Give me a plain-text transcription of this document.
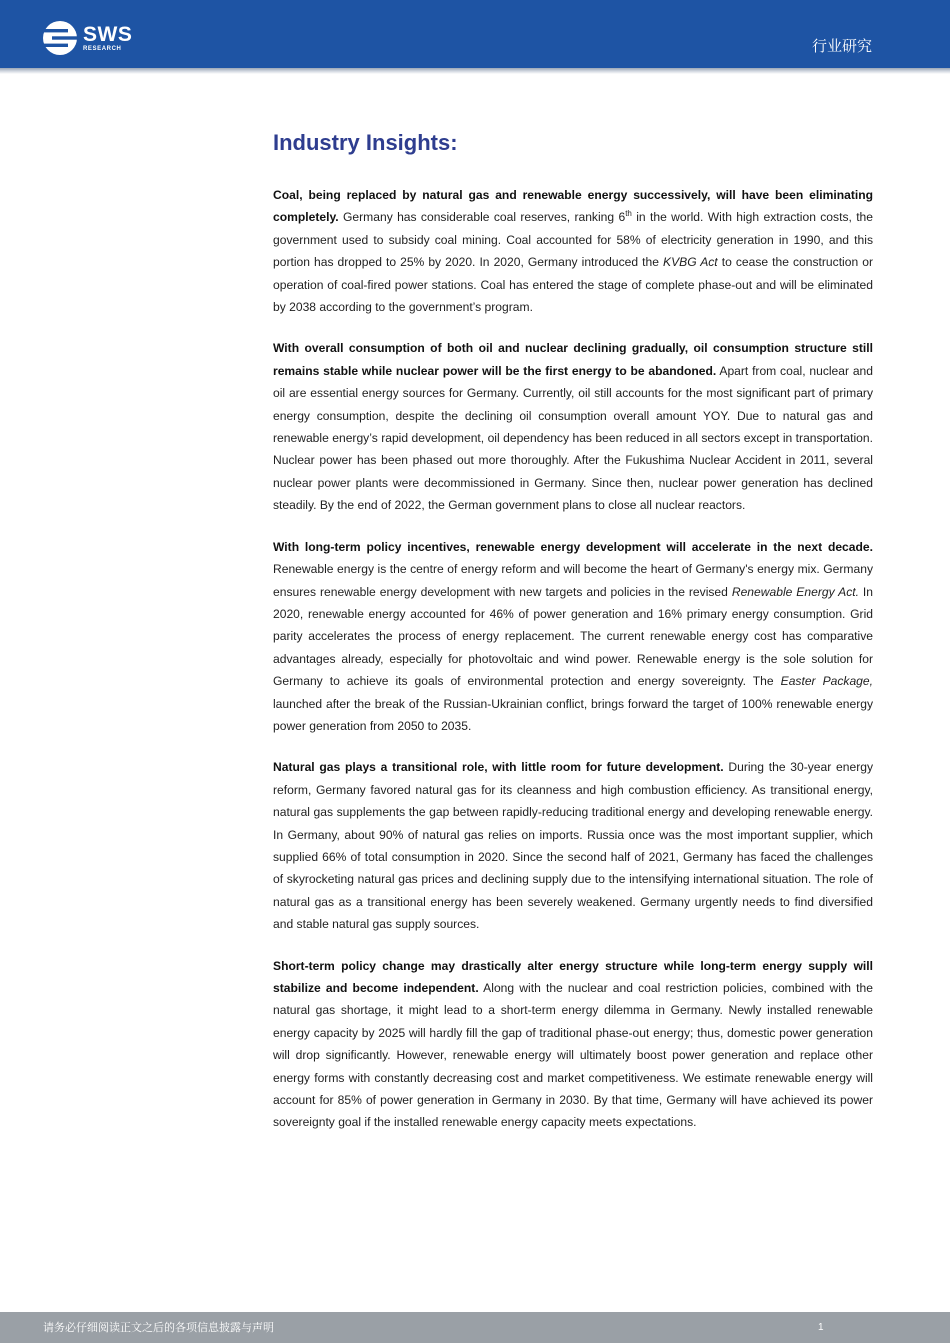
SWS
RESEARCH	行业研究
Industry Insights:

Coal, being replaced by natural gas and renewable energy successively, will have been eliminating completely. Germany has considerable coal reserves, ranking 6th in the world. With high extraction costs, the government used to subsidy coal mining. Coal accounted for 58% of electricity generation in 1990, and this portion has dropped to 25% by 2020. In 2020, Germany introduced the KVBG Act to cease the construction or operation of coal-fired power stations. Coal has entered the stage of complete phase-out and will be eliminated by 2038 according to the government’s program.

With overall consumption of both oil and nuclear declining gradually, oil consumption structure still remains stable while nuclear power will be the first energy to be abandoned. Apart from coal, nuclear and oil are essential energy sources for Germany. Currently, oil still accounts for the most significant part of primary energy consumption, despite the declining oil consumption overall amount YOY. Due to natural gas and renewable energy’s rapid development, oil dependency has been reduced in all sectors except in transportation. Nuclear power has been phased out more thoroughly. After the Fukushima Nuclear Accident in 2011, several nuclear power plants were decommissioned in Germany. Since then, nuclear power generation has declined steadily. By the end of 2022, the German government plans to close all nuclear reactors.

With long-term policy incentives, renewable energy development will accelerate in the next decade. Renewable energy is the centre of energy reform and will become the heart of Germany's energy mix. Germany ensures renewable energy development with new targets and policies in the revised Renewable Energy Act. In 2020, renewable energy accounted for 46% of power generation and 16% primary energy consumption. Grid parity accelerates the process of energy replacement. The current renewable energy cost has comparative advantages already, especially for photovoltaic and wind power. Renewable energy is the sole solution for Germany to achieve its goals of environmental protection and energy sovereignty. The Easter Package, launched after the break of the Russian-Ukrainian conflict, brings forward the target of 100% renewable energy power generation from 2050 to 2035.

Natural gas plays a transitional role, with little room for future development. During the 30-year energy reform, Germany favored natural gas for its cleanness and high combustion efficiency. As transitional energy, natural gas supplements the gap between rapidly-reducing traditional energy and developing renewable energy. In Germany, about 90% of natural gas relies on imports. Russia once was the most important supplier, which supplied 66% of total consumption in 2020. Since the second half of 2021, Germany has faced the challenges of skyrocketing natural gas prices and declining supply due to the intensifying international situation. The role of natural gas as a transitional energy has been severely weakened. Germany urgently needs to find diversified and stable natural gas supply sources.

Short-term policy change may drastically alter energy structure while long-term energy supply will stabilize and become independent. Along with the nuclear and coal restriction policies, combined with the natural gas shortage, it might lead to a short-term energy dilemma in Germany. Newly installed renewable energy capacity by 2025 will hardly fill the gap of traditional phase-out energy; thus, domestic power generation will drop significantly. However, renewable energy will ultimately boost power generation and replace other energy forms with constantly decreasing cost and market competitiveness. We estimate renewable energy will account for 85% of power generation in Germany in 2030. By that time, Germany will have achieved its power sovereignty goal if the installed renewable energy capacity meets expectations.

请务必仔细阅读正文之后的各项信息披露与声明	1
